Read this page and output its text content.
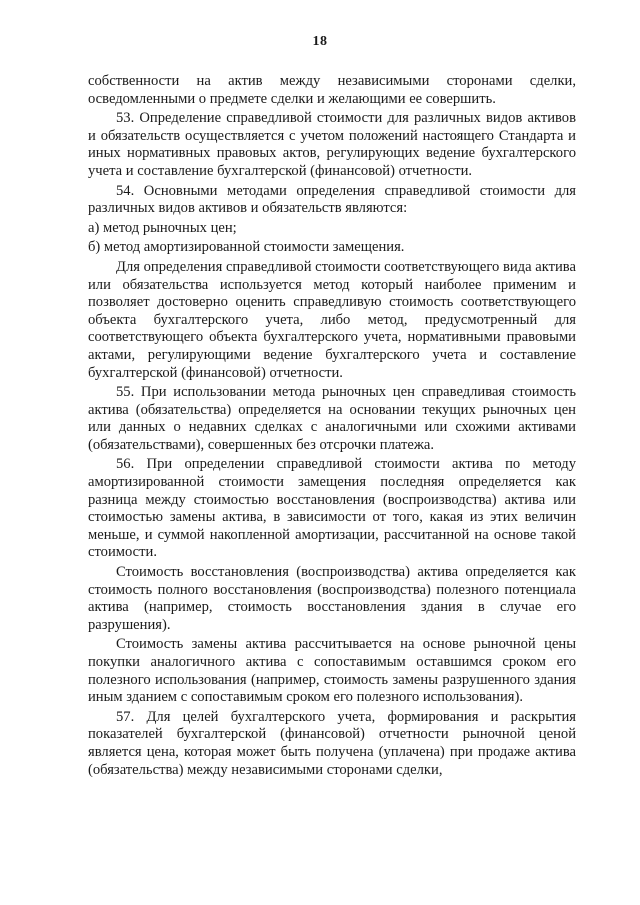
18

собственности на актив между независимыми сторонами сделки, осведомленными о предмете сделки и желающими ее совершить.

53. Определение справедливой стоимости для различных видов активов и обязательств осуществляется с учетом положений настоящего Стандарта и иных нормативных правовых актов, регулирующих ведение бухгалтерского учета и составление бухгалтерской (финансовой) отчетности.

54. Основными методами определения справедливой стоимости для различных видов активов и обязательств являются:

а) метод рыночных цен;

б) метод амортизированной стоимости замещения.

Для определения справедливой стоимости соответствующего вида актива или обязательства используется метод который наиболее применим и позволяет достоверно оценить справедливую стоимость соответствующего объекта бухгалтерского учета, либо метод, предусмотренный для соответствующего объекта бухгалтерского учета, нормативными правовыми актами, регулирующими ведение бухгалтерского учета и составление бухгалтерской (финансовой) отчетности.

55. При использовании метода рыночных цен справедливая стоимость актива (обязательства) определяется на основании текущих рыночных цен или данных о недавних сделках с аналогичными или схожими активами (обязательствами), совершенных без отсрочки платежа.

56. При определении справедливой стоимости актива по методу амортизированной стоимости замещения последняя определяется как разница между стоимостью восстановления (воспроизводства) актива или стоимостью замены актива, в зависимости от того, какая из этих величин меньше, и суммой накопленной амортизации, рассчитанной на основе такой стоимости.

Стоимость восстановления (воспроизводства) актива определяется как стоимость полного восстановления (воспроизводства) полезного потенциала актива (например, стоимость восстановления здания в случае его разрушения).

Стоимость замены актива рассчитывается на основе рыночной цены покупки аналогичного актива с сопоставимым оставшимся сроком его полезного использования (например, стоимость замены разрушенного здания иным зданием с сопоставимым сроком его полезного использования).

57. Для целей бухгалтерского учета, формирования и раскрытия показателей бухгалтерской (финансовой) отчетности рыночной ценой является цена, которая может быть получена (уплачена) при продаже актива (обязательства) между независимыми сторонами сделки,
